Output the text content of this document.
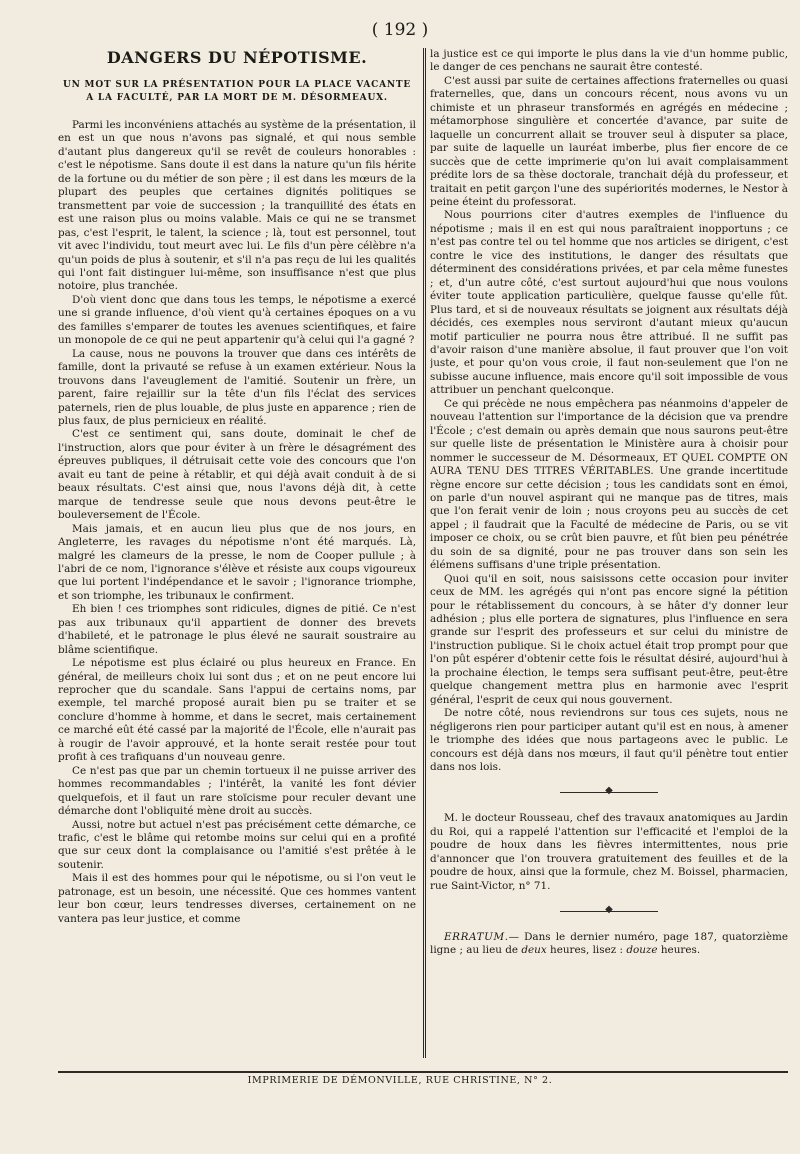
( 192 )
DANGERS DU NÉPOTISME.
UN MOT SUR LA PRÉSENTATION POUR LA PLACE VACANTE
A LA FACULTÉ, PAR LA MORT DE M. DÉSORMEAUX.

Parmi les inconvéniens attachés au système de la présentation, il en est un que nous n'avons pas signalé, et qui nous semble d'autant plus dangereux qu'il se revêt de couleurs honorables : c'est le népotisme. Sans doute il est dans la nature qu'un fils hérite de la fortune ou du métier de son père ; il est dans les mœurs de la plupart des peuples que certaines dignités politiques se transmettent par voie de succession ; la tranquillité des états en est une raison plus ou moins valable. Mais ce qui ne se transmet pas, c'est l'esprit, le talent, la science ; là, tout est personnel, tout vit avec l'individu, tout meurt avec lui. Le fils d'un père célèbre n'a qu'un poids de plus à soutenir, et s'il n'a pas reçu de lui les qualités qui l'ont fait distinguer lui-même, son insuffisance n'est que plus notoire, plus tranchée.

D'où vient donc que dans tous les temps, le népotisme a exercé une si grande influence, d'où vient qu'à certaines époques on a vu des familles s'emparer de toutes les avenues scientifiques, et faire un monopole de ce qui ne peut appartenir qu'à celui qui l'a gagné ?

La cause, nous ne pouvons la trouver que dans ces intérêts de famille, dont la privauté se refuse à un examen extérieur. Nous la trouvons dans l'aveuglement de l'amitié. Soutenir un frère, un parent, faire rejaillir sur la tête d'un fils l'éclat des services paternels, rien de plus louable, de plus juste en apparence ; rien de plus faux, de plus pernicieux en réalité.

C'est ce sentiment qui, sans doute, dominait le chef de l'instruction, alors que pour éviter à un frère le désagrément des épreuves publiques, il détruisait cette voie des concours que l'on avait eu tant de peine à rétablir, et qui déjà avait conduit à de si beaux résultats. C'est ainsi que, nous l'avons déjà dit, à cette marque de tendresse seule que nous devons peut-être le bouleversement de l'École.

Mais jamais, et en aucun lieu plus que de nos jours, en Angleterre, les ravages du népotisme n'ont été marqués. Là, malgré les clameurs de la presse, le nom de Cooper pullule ; à l'abri de ce nom, l'ignorance s'élève et résiste aux coups vigoureux que lui portent l'indépendance et le savoir ; l'ignorance triomphe, et son triomphe, les tribunaux le confirment.

Eh bien ! ces triomphes sont ridicules, dignes de pitié. Ce n'est pas aux tribunaux qu'il appartient de donner des brevets d'habileté, et le patronage le plus élevé ne saurait soustraire au blâme scientifique.

Le népotisme est plus éclairé ou plus heureux en France. En général, de meilleurs choix lui sont dus ; et on ne peut encore lui reprocher que du scandale. Sans l'appui de certains noms, par exemple, tel marché proposé aurait bien pu se traiter et se conclure d'homme à homme, et dans le secret, mais certainement ce marché eût été cassé par la majorité de l'École, elle n'aurait pas à rougir de l'avoir approuvé, et la honte serait restée pour tout profit à ces trafiquans d'un nouveau genre.

Ce n'est pas que par un chemin tortueux il ne puisse arriver des hommes recommandables ; l'intérêt, la vanité les font dévier quelquefois, et il faut un rare stoïcisme pour reculer devant une démarche dont l'obliquité mène droit au succès.

Aussi, notre but actuel n'est pas précisément cette démarche, ce trafic, c'est le blâme qui retombe moins sur celui qui en a profité que sur ceux dont la complaisance ou l'amitié s'est prêtée à le soutenir.

Mais il est des hommes pour qui le népotisme, ou si l'on veut le patronage, est un besoin, une nécessité. Que ces hommes vantent leur bon cœur, leurs tendresses diverses, certainement on ne vantera pas leur justice, et comme

la justice est ce qui importe le plus dans la vie d'un homme public, le danger de ces penchans ne saurait être contesté.

C'est aussi par suite de certaines affections fraternelles ou quasi fraternelles, que, dans un concours récent, nous avons vu un chimiste et un phraseur transformés en agrégés en médecine ; métamorphose singulière et concertée d'avance, par suite de laquelle un concurrent allait se trouver seul à disputer sa place, par suite de laquelle un lauréat imberbe, plus fier encore de ce succès que de cette imprimerie qu'on lui avait complaisamment prédite lors de sa thèse doctorale, tranchait déjà du professeur, et traitait en petit garçon l'une des supériorités modernes, le Nestor à peine éteint du professorat.

Nous pourrions citer d'autres exemples de l'influence du népotisme ; mais il en est qui nous paraîtraient inopportuns ; ce n'est pas contre tel ou tel homme que nos articles se dirigent, c'est contre le vice des institutions, le danger des résultats que déterminent des considérations privées, et par cela même funestes ; et, d'un autre côté, c'est surtout aujourd'hui que nous voulons éviter toute application particulière, quelque fausse qu'elle fût. Plus tard, et si de nouveaux résultats se joignent aux résultats déjà décidés, ces exemples nous serviront d'autant mieux qu'aucun motif particulier ne pourra nous être attribué. Il ne suffit pas d'avoir raison d'une manière absolue, il faut prouver que l'on voit juste, et pour qu'on vous croie, il faut non-seulement que l'on ne subisse aucune influence, mais encore qu'il soit impossible de vous attribuer un penchant quelconque.

Ce qui précède ne nous empêchera pas néanmoins d'appeler de nouveau l'attention sur l'importance de la décision que va prendre l'École ; c'est demain ou après demain que nous saurons peut-être sur quelle liste de présentation le Ministère aura à choisir pour nommer le successeur de M. Désormeaux, ET QUEL COMPTE ON AURA TENU DES TITRES VÉRITABLES. Une grande incertitude règne encore sur cette décision ; tous les candidats sont en émoi, on parle d'un nouvel aspirant qui ne manque pas de titres, mais que l'on ferait venir de loin ; nous croyons peu au succès de cet appel ; il faudrait que la Faculté de médecine de Paris, ou se vit imposer ce choix, ou se crût bien pauvre, et fût bien peu pénétrée du soin de sa dignité, pour ne pas trouver dans son sein les élémens suffisans d'une triple présentation.

Quoi qu'il en soit, nous saisissons cette occasion pour inviter ceux de MM. les agrégés qui n'ont pas encore signé la pétition pour le rétablissement du concours, à se hâter d'y donner leur adhésion ; plus elle portera de signatures, plus l'influence en sera grande sur l'esprit des professeurs et sur celui du ministre de l'instruction publique. Si le choix actuel était trop prompt pour que l'on pût espérer d'obtenir cette fois le résultat désiré, aujourd'hui à la prochaine élection, le temps sera suffisant peut-être, peut-être quelque changement mettra plus en harmonie avec l'esprit général, l'esprit de ceux qui nous gouvernent.

De notre côté, nous reviendrons sur tous ces sujets, nous ne négligerons rien pour participer autant qu'il est en nous, à amener le triomphe des idées que nous partageons avec le public. Le concours est déjà dans nos mœurs, il faut qu'il pénètre tout entier dans nos lois.

◆

M. le docteur Rousseau, chef des travaux anatomiques au Jardin du Roi, qui a rappelé l'attention sur l'efficacité et l'emploi de la poudre de houx dans les fièvres intermittentes, nous prie d'annoncer que l'on trouvera gratuitement des feuilles et de la poudre de houx, ainsi que la formule, chez M. Boissel, pharmacien, rue Saint-Victor, n° 71.

◆

ERRATUM.— Dans le dernier numéro, page 187, quatorzième ligne ; au lieu de deux heures, lisez : douze heures.

IMPRIMERIE DE DÉMONVILLE, RUE CHRISTINE, N° 2.
